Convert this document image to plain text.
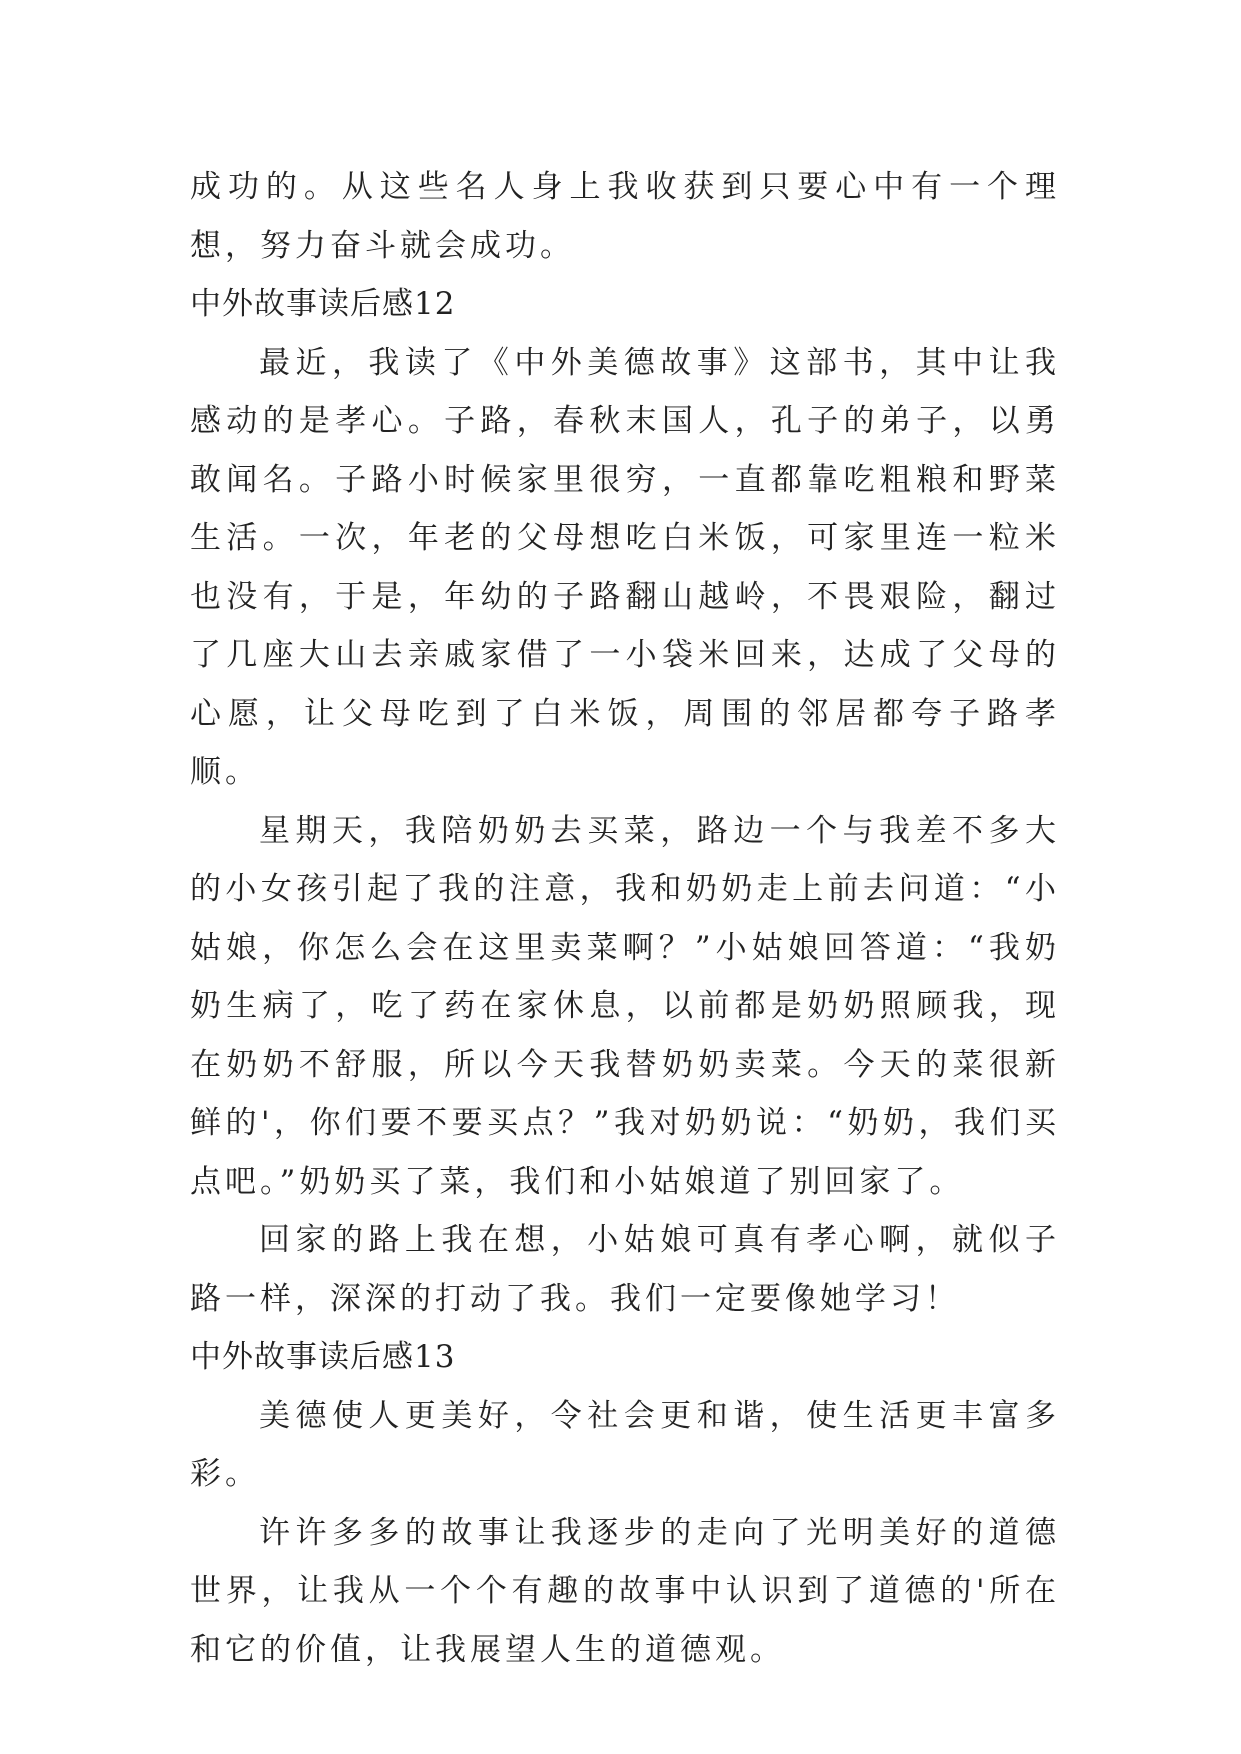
成功的。从这些名人身上我收获到只要心中有一个理想，努力奋斗就会成功。

中外故事读后感12

最近，我读了《中外美德故事》这部书，其中让我感动的是孝心。子路，春秋末国人，孔子的弟子，以勇敢闻名。子路小时候家里很穷，一直都靠吃粗粮和野菜生活。一次，年老的父母想吃白米饭，可家里连一粒米也没有，于是，年幼的子路翻山越岭，不畏艰险，翻过了几座大山去亲戚家借了一小袋米回来，达成了父母的心愿，让父母吃到了白米饭，周围的邻居都夸子路孝顺。

星期天，我陪奶奶去买菜，路边一个与我差不多大的小女孩引起了我的注意，我和奶奶走上前去问道：“小姑娘，你怎么会在这里卖菜啊？”小姑娘回答道：“我奶奶生病了，吃了药在家休息，以前都是奶奶照顾我，现在奶奶不舒服，所以今天我替奶奶卖菜。今天的菜很新鲜的'，你们要不要买点？”我对奶奶说：“奶奶，我们买点吧。”奶奶买了菜，我们和小姑娘道了别回家了。

回家的路上我在想，小姑娘可真有孝心啊，就似子路一样，深深的打动了我。我们一定要像她学习！

中外故事读后感13

美德使人更美好，令社会更和谐，使生活更丰富多彩。

许许多多的故事让我逐步的走向了光明美好的道德世界，让我从一个个有趣的故事中认识到了道德的'所在和它的价值，让我展望人生的道德观。
